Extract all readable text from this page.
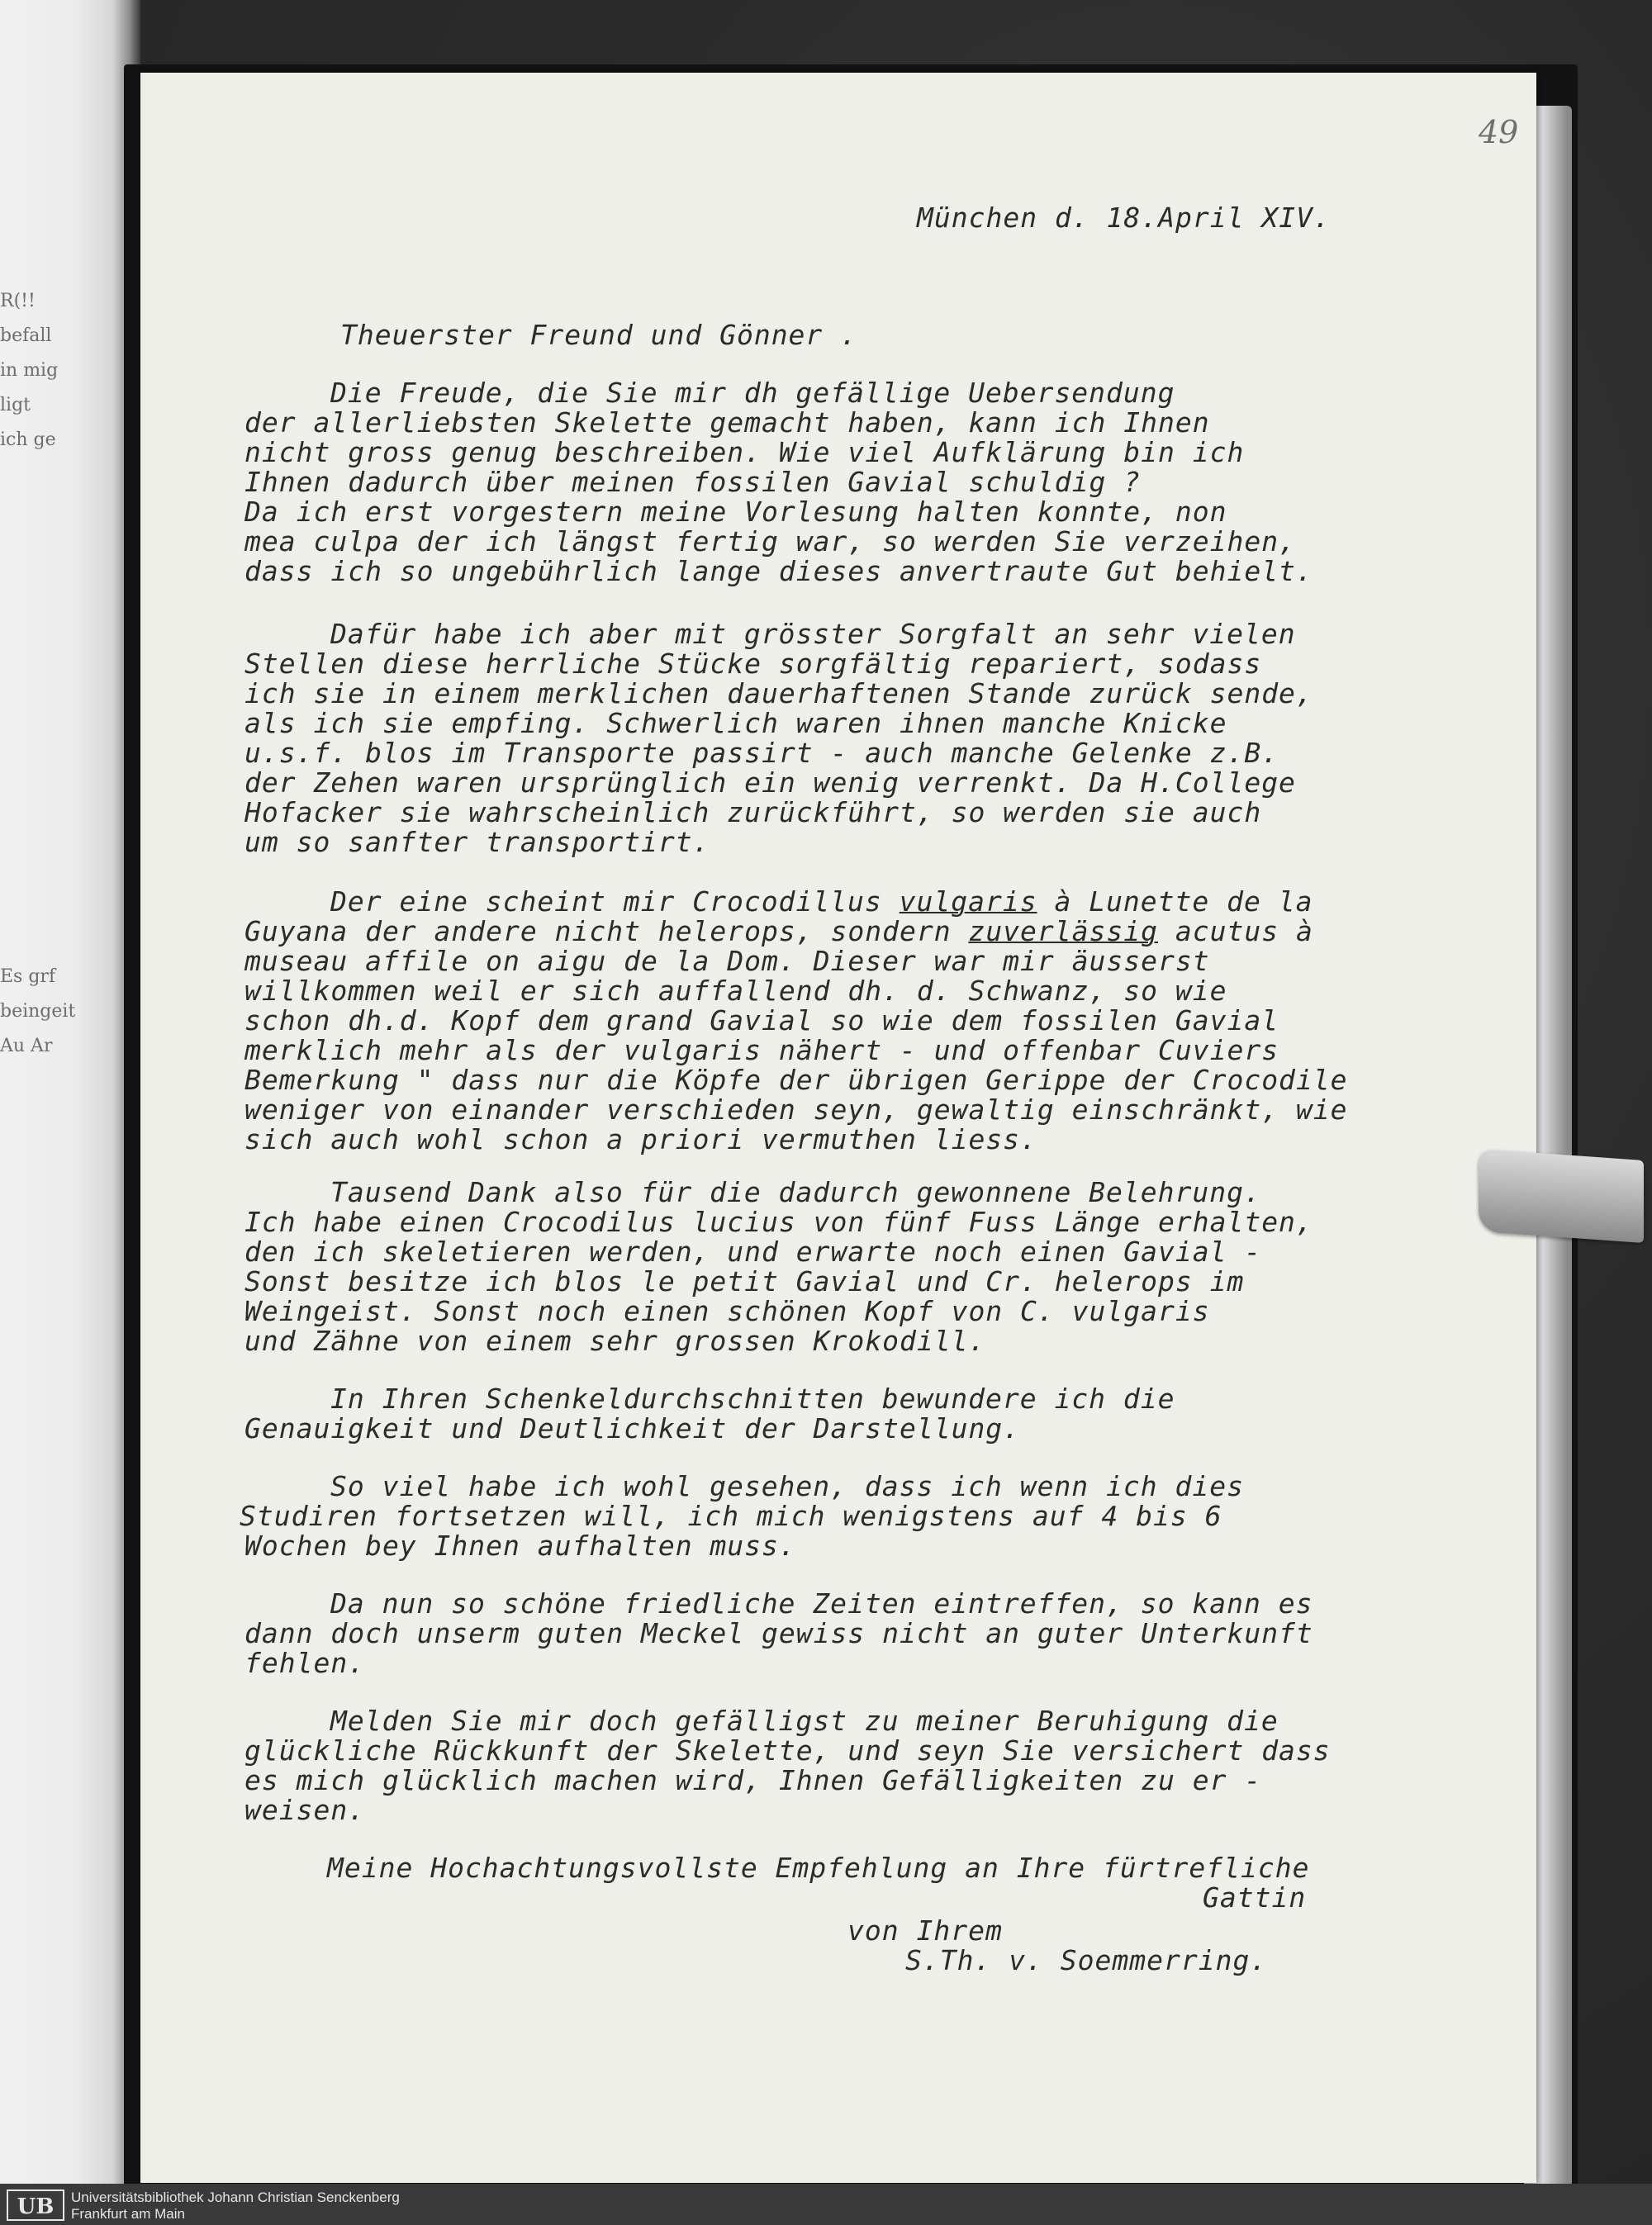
R(!!
befall
in mig
ligt
ich ge
Es grf
beingeit
Au Ar
49
München d. 18.April XIV.
Theuerster Freund und Gönner .
Die Freude, die Sie mir dh gefällige Uebersendung
der allerliebsten Skelette gemacht haben, kann ich Ihnen
nicht gross genug beschreiben. Wie viel Aufklärung bin ich
Ihnen dadurch über meinen fossilen Gavial schuldig ?
Da ich erst vorgestern meine Vorlesung halten konnte, non
mea culpa der ich längst fertig war, so werden Sie verzeihen,
dass ich so ungebührlich lange dieses anvertraute Gut behielt.
Dafür habe ich aber mit grösster Sorgfalt an sehr vielen
Stellen diese herrliche Stücke sorgfältig repariert, sodass
ich sie in einem merklichen dauerhaftenen Stande zurück sende,
als ich sie empfing. Schwerlich waren ihnen manche Knicke
u.s.f. blos im Transporte passirt - auch manche Gelenke z.B.
der Zehen waren ursprünglich ein wenig verrenkt. Da H.College
Hofacker sie wahrscheinlich zurückführt, so werden sie auch
um so sanfter transportirt.
Der eine scheint mir Crocodillus vulgaris à Lunette de la
Guyana der andere nicht helerops, sondern zuverlässig acutus à
museau affile on aigu de la Dom. Dieser war mir äusserst
willkommen weil er sich auffallend dh. d. Schwanz, so wie
schon dh.d. Kopf dem grand Gavial so wie dem fossilen Gavial
merklich mehr als der vulgaris nähert - und offenbar Cuviers
Bemerkung " dass nur die Köpfe der übrigen Gerippe der Crocodile
weniger von einander verschieden seyn, gewaltig einschränkt, wie
sich auch wohl schon a priori vermuthen liess.
Tausend Dank also für die dadurch gewonnene Belehrung.
Ich habe einen Crocodilus lucius von fünf Fuss Länge erhalten,
den ich skeletieren werden, und erwarte noch einen Gavial -
Sonst besitze ich blos le petit Gavial und Cr. helerops im
Weingeist. Sonst noch einen schönen Kopf von C. vulgaris
und Zähne von einem sehr grossen Krokodill.
In Ihren Schenkeldurchschnitten bewundere ich die
Genauigkeit und Deutlichkeit der Darstellung.
So viel habe ich wohl gesehen, dass ich wenn ich dies
Studiren fortsetzen will, ich mich wenigstens auf 4 bis 6
Wochen bey Ihnen aufhalten muss.
Da nun so schöne friedliche Zeiten eintreffen, so kann es
dann doch unserm guten Meckel gewiss nicht an guter Unterkunft
fehlen.
Melden Sie mir doch gefälligst zu meiner Beruhigung die
glückliche Rückkunft der Skelette, und seyn Sie versichert dass
es mich glücklich machen wird, Ihnen Gefälligkeiten zu er -
weisen.
Meine Hochachtungsvollste Empfehlung an Ihre fürtrefliche
Gattin
von Ihrem
S.Th. v. Soemmerring.
UB	Universitätsbibliothek Johann Christian Senckenberg
Frankfurt am Main
